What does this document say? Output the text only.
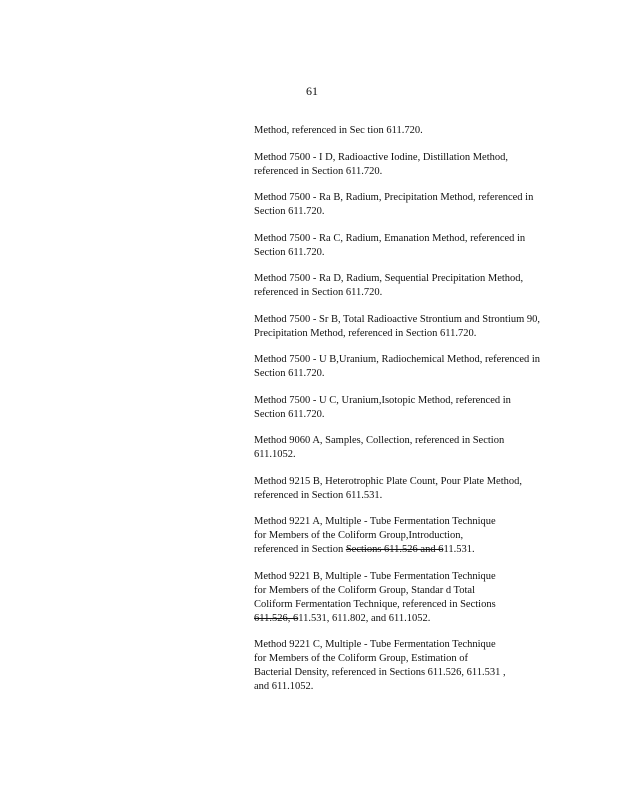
61

Method, referenced in Sec tion 611.720.

Method 7500 - I D, Radioactive Iodine, Distillation Method, referenced in Section 611.720.

Method 7500 - Ra B, Radium, Precipitation Method, referenced in Section 611.720.

Method 7500 - Ra C, Radium, Emanation Method, referenced in Section 611.720.

Method 7500 - Ra D, Radium, Sequential Precipitation Method, referenced in Section 611.720.

Method 7500 - Sr B, Total Radioactive Strontium and Strontium 90, Precipitation Method, referenced in Section 611.720.

Method 7500 - U B,Uranium, Radiochemical Method, referenced in Section 611.720.

Method 7500 - U C, Uranium,Isotopic Method, referenced in Section 611.720.

Method 9060 A, Samples, Collection, referenced in Section 611.1052.

Method 9215 B, Heterotrophic Plate Count, Pour Plate Method, referenced in Section 611.531.

Method 9221 A, Multiple - Tube Fermentation Technique
for Members of the Coliform Group,Introduction,
referenced in Section Sections 611.526 and 611.531.

Method 9221 B, Multiple - Tube Fermentation Technique
for Members of the Coliform Group, Standar d Total
Coliform Fermentation Technique, referenced in Sections
611.526, 611.531, 611.802, and 611.1052.

Method 9221 C, Multiple - Tube Fermentation Technique
for Members of the Coliform Group, Estimation of
Bacterial Density, referenced in Sections 611.526, 611.531 ,
and 611.1052.
